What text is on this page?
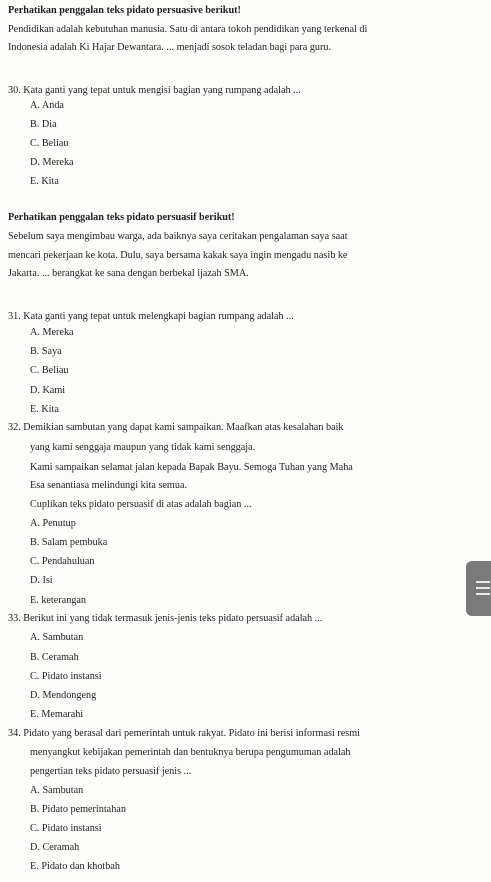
Perhatikan penggalan teks pidato persuasive berikut!
Pendidikan adalah kebutuhan manusia. Satu di antara tokoh pendidikan yang terkenal di
Indonesia adalah Ki Hajar Dewantara. ... menjadi sosok teladan bagi para guru.
30. Kata ganti yang tepat untuk mengisi bagian yang rumpang adalah ...
A. Anda
B. Dia
C. Beliau
D. Mereka
E. Kita
Perhatikan penggalan teks pidato persuasif berikut!
Sebelum saya mengimbau warga, ada baiknya saya ceritakan pengalaman saya saat
mencari pekerjaan ke kota. Dulu, saya bersama kakak saya ingin mengadu nasib ke
Jakarta. ... berangkat ke sana dengan berbekal ijazah SMA.
31. Kata ganti yang tepat untuk melengkapi bagian rumpang adalah ...
A. Mereka
B. Saya
C. Beliau
D. Kami
E. Kita
32. Demikian sambutan yang dapat kami sampaikan. Maafkan atas kesalahan baik
yang kami senggaja maupun yang tidak kami senggaja.
Kami sampaikan selamat jalan kepada Bapak Bayu. Semoga Tuhan yang Maha
Esa senantiasa melindungi kita semua.
Cuplikan teks pidato persuasif di atas adalah bagian ...
A. Penutup
B. Salam pembuka
C. Pendahuluan
D. Isi
E. keterangan
33. Berikut ini yang tidak termasuk jenis-jenis teks pidato persuasif adalah ...
A. Sambutan
B. Ceramah
C. Pidato instansi
D. Mendongeng
E. Memarahi
34. Pidato yang berasal dari pemerintah untuk rakyat. Pidato ini berisi informasi resmi
menyangkut kebijakan pemerintah dan bentuknya berupa pengumuman adalah
pengertian teks pidato persuasif jenis ...
A. Sambutan
B. Pidato pemerintahan
C. Pidato instansi
D. Ceramah
E. Pidato dan khotbah
